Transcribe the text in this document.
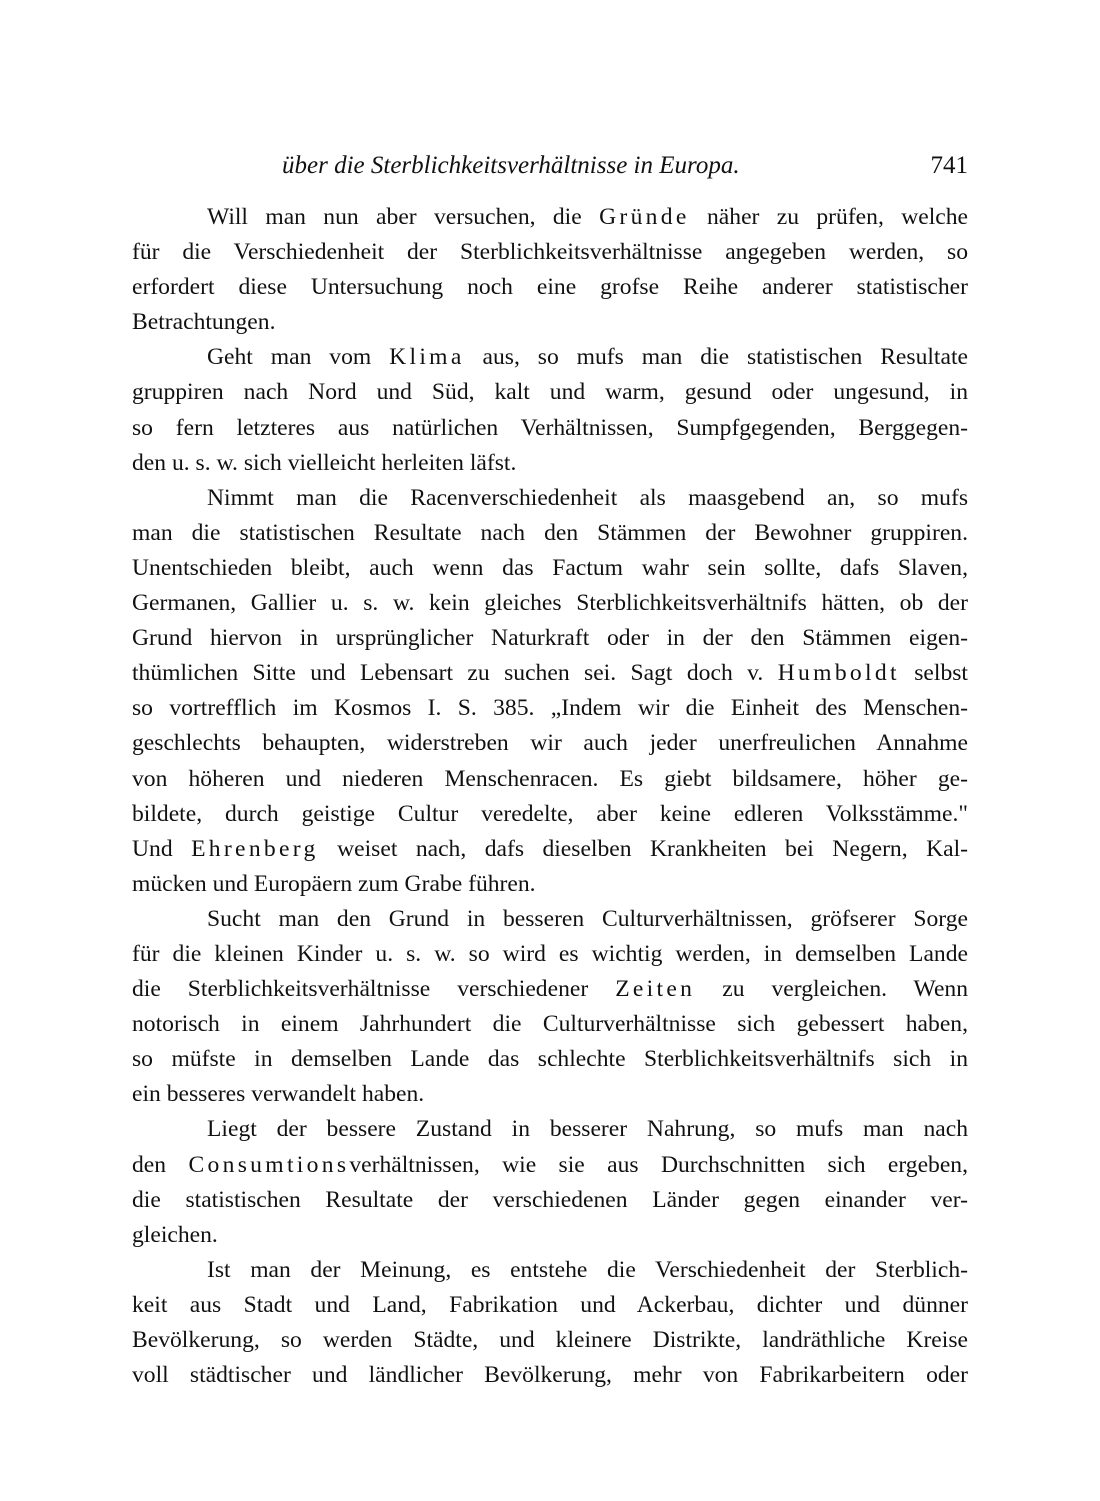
über die Sterblichkeitsverhältnisse in Europa.	741
Will man nun aber versuchen, die Gründe näher zu prüfen, welche
für die Verschiedenheit der Sterblichkeitsverhältnisse angegeben werden, so
erfordert diese Untersuchung noch eine grofse Reihe anderer statistischer
Betrachtungen.
Geht man vom Klima aus, so mufs man die statistischen Resultate
gruppiren nach Nord und Süd, kalt und warm, gesund oder ungesund, in
so fern letzteres aus natürlichen Verhältnissen, Sumpfgegenden, Berggegen-
den u. s. w. sich vielleicht herleiten läfst.
Nimmt man die Racenverschiedenheit als maasgebend an, so mufs
man die statistischen Resultate nach den Stämmen der Bewohner gruppiren.
Unentschieden bleibt, auch wenn das Factum wahr sein sollte, dafs Slaven,
Germanen, Gallier u. s. w. kein gleiches Sterblichkeitsverhältnifs hätten, ob der
Grund hiervon in ursprünglicher Naturkraft oder in der den Stämmen eigen-
thümlichen Sitte und Lebensart zu suchen sei. Sagt doch v. Humboldt selbst
so vortrefflich im Kosmos I. S. 385. „Indem wir die Einheit des Menschen-
geschlechts behaupten, widerstreben wir auch jeder unerfreulichen Annahme
von höheren und niederen Menschenracen. Es giebt bildsamere, höher ge-
bildete, durch geistige Cultur veredelte, aber keine edleren Volksstämme."
Und Ehrenberg weiset nach, dafs dieselben Krankheiten bei Negern, Kal-
mücken und Europäern zum Grabe führen.
Sucht man den Grund in besseren Culturverhältnissen, gröfserer Sorge
für die kleinen Kinder u. s. w. so wird es wichtig werden, in demselben Lande
die Sterblichkeitsverhältnisse verschiedener Zeiten zu vergleichen. Wenn
notorisch in einem Jahrhundert die Culturverhältnisse sich gebessert haben,
so müfste in demselben Lande das schlechte Sterblichkeitsverhältnifs sich in
ein besseres verwandelt haben.
Liegt der bessere Zustand in besserer Nahrung, so mufs man nach
den Consumtionsverhältnissen, wie sie aus Durchschnitten sich ergeben,
die statistischen Resultate der verschiedenen Länder gegen einander ver-
gleichen.
Ist man der Meinung, es entstehe die Verschiedenheit der Sterblich-
keit aus Stadt und Land, Fabrikation und Ackerbau, dichter und dünner
Bevölkerung, so werden Städte, und kleinere Distrikte, landräthliche Kreise
voll städtischer und ländlicher Bevölkerung, mehr von Fabrikarbeitern oder
